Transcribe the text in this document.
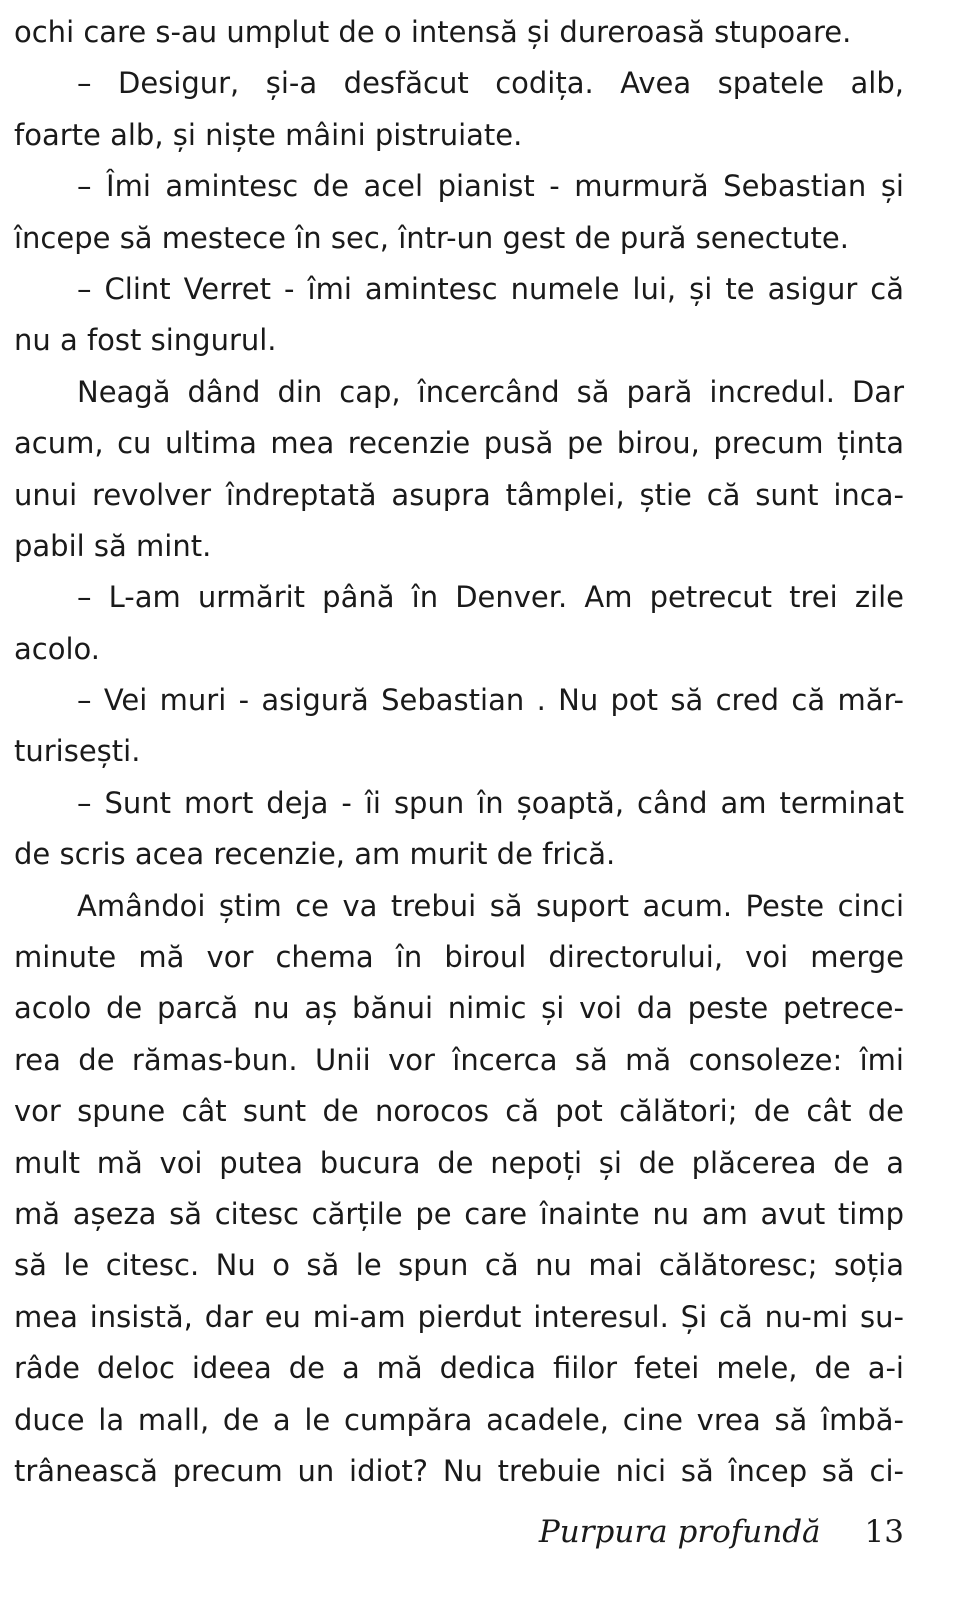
ochi care s-au umplut de o intensă și dureroasă stupoare.
– Desigur, și-a desfăcut codița. Avea spatele alb,
foarte alb, și niște mâini pistruiate.
– Îmi amintesc de acel pianist - murmură Sebastian și
începe să mestece în sec, într-un gest de pură senectute.
– Clint Verret - îmi amintesc numele lui, și te asigur că
nu a fost singurul.
Neagă dând din cap, încercând să pară incredul. Dar
acum, cu ultima mea recenzie pusă pe birou, precum ținta
unui revolver îndreptată asupra tâmplei, știe că sunt inca-
pabil să mint.
– L-am urmărit până în Denver. Am petrecut trei zile
acolo.
– Vei muri - asigură Sebastian . Nu pot să cred că măr-
turisești.
– Sunt mort deja - îi spun în șoaptă, când am terminat
de scris acea recenzie, am murit de frică.
Amândoi știm ce va trebui să suport acum. Peste cinci
minute mă vor chema în biroul directorului, voi merge
acolo de parcă nu aș bănui nimic și voi da peste petrece-
rea de rămas-bun. Unii vor încerca să mă consoleze: îmi
vor spune cât sunt de norocos că pot călători; de cât de
mult mă voi putea bucura de nepoți și de plăcerea de a
mă așeza să citesc cărțile pe care înainte nu am avut timp
să le citesc. Nu o să le spun că nu mai călătoresc; soția
mea insistă, dar eu mi-am pierdut interesul. Și că nu-mi su-
râde deloc ideea de a mă dedica fiilor fetei mele, de a-i
duce la mall, de a le cumpăra acadele, cine vrea să îmbă-
trânească precum un idiot? Nu trebuie nici să încep să ci-
Purpura profundă 13
